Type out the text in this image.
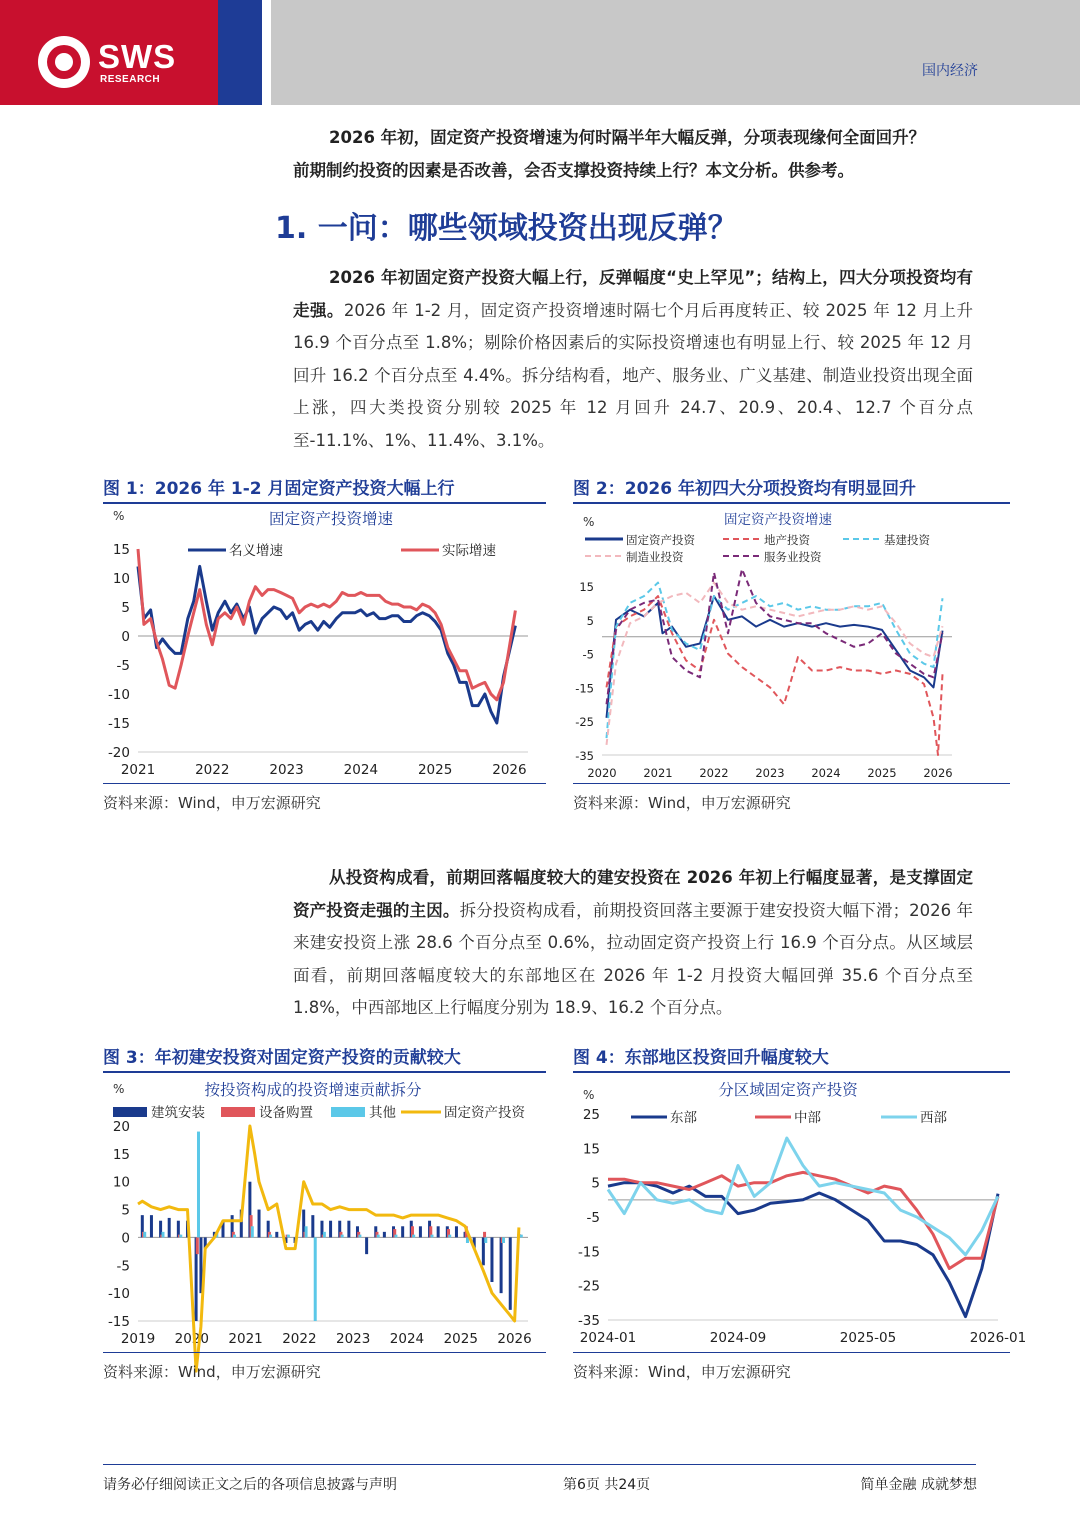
SWS
RESEARCH
国内经济
2026 年初，固定资产投资增速为何时隔半年大幅反弹，分项表现缘何全面回升？
前期制约投资的因素是否改善，会否支撑投资持续上行？本文分析。供参考。
1. 一问：哪些领域投资出现反弹？
2026 年初固定资产投资大幅上行，反弹幅度“史上罕见”；结构上，四大分项投资均有走强。2026 年 1-2 月，固定资产投资增速时隔七个月后再度转正、较 2025 年 12 月上升 16.9 个百分点至 1.8%；剔除价格因素后的实际投资增速也有明显上行、较 2025 年 12 月回升 16.2 个百分点至 4.4%。拆分结构看，地产、服务业、广义基建、制造业投资出现全面上涨，四大类投资分别较 2025 年 12 月回升 24.7、20.9、20.4、12.7 个百分点至-11.1%、1%、11.4%、3.1%。
图 1：2026 年 1-2 月固定资产投资大幅上行	图 2：2026 年初四大分项投资均有明显回升
固定资产投资增速
%
15
10
5
0
-5
-10
-15
-20
2021	2022	2023	2024	2025	2026
名义增速	实际增速
固定资产投资增速
%
15
5
-5
-15
-25
-35
2020 2021 2022 2023 2024 2025 2026
固定资产投资	地产投资	基建投资
制造业投资	服务业投资
资料来源：Wind，申万宏源研究	资料来源：Wind，申万宏源研究
从投资构成看，前期回落幅度较大的建安投资在 2026 年初上行幅度显著，是支撑固定资产投资走强的主因。拆分投资构成看，前期投资回落主要源于建安投资大幅下滑；2026 年来建安投资上涨 28.6 个百分点至 0.6%，拉动固定资产投资上行 16.9 个百分点。从区域层面看，前期回落幅度较大的东部地区在 2026 年 1-2 月投资大幅回弹 35.6 个百分点至 1.8%，中西部地区上行幅度分别为 18.9、16.2 个百分点。
图 3：年初建安投资对固定资产投资的贡献较大	图 4：东部地区投资回升幅度较大
按投资构成的投资增速贡献拆分
%
20
15
10
5
0
-5
-10
-15
2019 2020 2021 2022 2023 2024 2025 2026
建筑安装	设备购置	其他	固定资产投资
分区域固定资产投资
%
25
15
5
-5
-15
-25
-35
2024-01	2024-09	2025-05	2026-01
东部	中部	西部
资料来源：Wind，申万宏源研究	资料来源：Wind，申万宏源研究
请务必仔细阅读正文之后的各项信息披露与声明	第6页 共24页	简单金融 成就梦想
